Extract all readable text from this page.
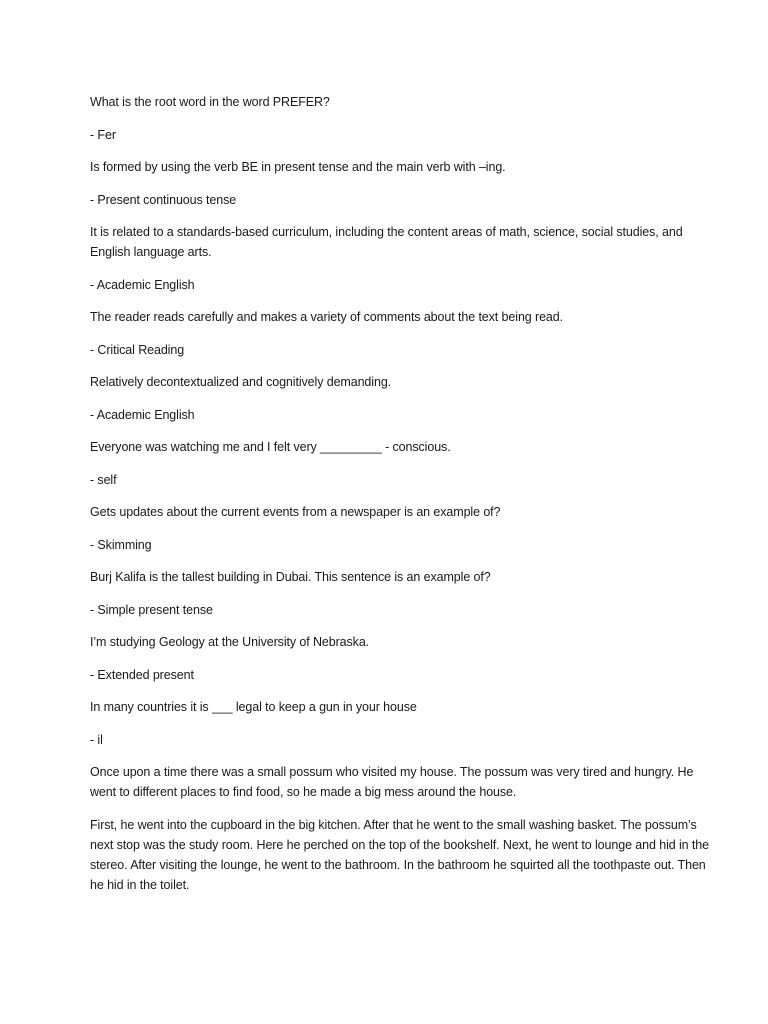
What is the root word in the word PREFER?

- Fer

Is formed by using the verb BE in present tense and the main verb with –ing.

- Present continuous tense

It is related to a standards-based curriculum, including the content areas of math, science, social studies, and English language arts.

- Academic English

The reader reads carefully and makes a variety of comments about the text being read.

- Critical Reading

Relatively decontextualized and cognitively demanding.

- Academic English

Everyone was watching me and I felt very _________ - conscious.

- self

Gets updates about the current events from a newspaper is an example of?

- Skimming

Burj Kalifa is the tallest building in Dubai. This sentence is an example of?

- Simple present tense

I’m studying Geology at the University of Nebraska.

- Extended present

In many countries it is ___ legal to keep a gun in your house

- il

Once upon a time there was a small possum who visited my house. The possum was very tired and hungry. He went to different places to find food, so he made a big mess around the house.

First, he went into the cupboard in the big kitchen. After that he went to the small washing basket. The possum’s next stop was the study room. Here he perched on the top of the bookshelf. Next, he went to lounge and hid in the stereo. After visiting the lounge, he went to the bathroom. In the bathroom he squirted all the toothpaste out. Then he hid in the toilet.
